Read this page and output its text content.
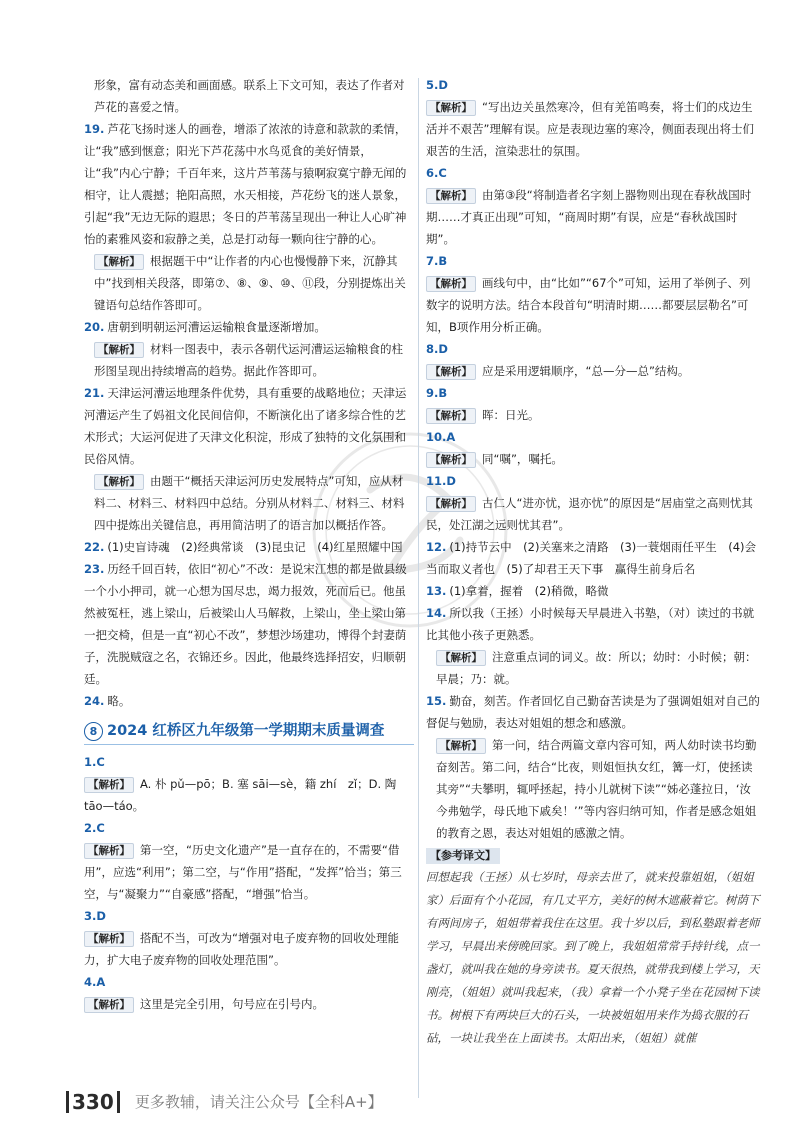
形象，富有动态美和画面感。联系上下文可知，表达了作者对芦花的喜爱之情。

19. 芦花飞扬时迷人的画卷，增添了浓浓的诗意和款款的柔情，让“我”感到惬意；阳光下芦花荡中水鸟觅食的美好情景，让“我”内心宁静；千百年来，这片芦苇荡与猿啊寂寞宁静无闻的相守，让人震撼；艳阳高照，水天相接，芦花纷飞的迷人景象，引起“我”无边无际的遐思；冬日的芦苇荡呈现出一种让人心旷神怡的素雅风姿和寂静之美，总是打动每一颗向往宁静的心。

【解析】 根据题干中“让作者的内心也慢慢静下来，沉静其中”找到相关段落，即第⑦、⑧、⑨、⑩、⑪段，分别提炼出关键语句总结作答即可。

20. 唐朝到明朝运河漕运运输粮食量逐渐增加。

【解析】 材料一图表中，表示各朝代运河漕运运输粮食的柱形图呈现出持续增高的趋势。据此作答即可。

21. 天津运河漕运地理条件优势，具有重要的战略地位；天津运河漕运产生了妈祖文化民间信仰，不断演化出了诸多综合性的艺术形式；大运河促进了天津文化积淀，形成了独特的文化氛围和民俗风情。

【解析】 由题干“概括天津运河历史发展特点”可知，应从材料二、材料三、材料四中总结。分别从材料二、材料三、材料四中提炼出关键信息，再用简洁明了的语言加以概括作答。

22. (1)史盲诗魂　(2)经典常谈　(3)昆虫记　(4)红星照耀中国

23. 历经千回百转，依旧“初心”不改：是说宋江想的都是做县级一个小小押司，就一心想为国尽忠，竭力报效，死而后已。他虽然被冤枉，逃上梁山，后被梁山人马解救，上梁山，坐上梁山第一把交椅，但是一直“初心不改”，梦想沙场建功，博得个封妻荫子，洗脱贼寇之名，衣锦还乡。因此，他最终选择招安，归顺朝廷。

24. 略。

8 2024 红桥区九年级第一学期期末质量调查

1.C

【解析】 A. 朴 pǔ—pō；B. 塞 sāi—sè，籍 zhí　zǐ；D. 陶 tāo—táo。

2.C

【解析】 第一空，“历史文化遗产”是一直存在的，不需要“借用”，应选“利用”；第二空，与“作用”搭配，“发挥”恰当；第三空，与“凝聚力”“自豪感”搭配，“增强”恰当。

3.D

【解析】 搭配不当，可改为“增强对电子废弃物的回收处理能力，扩大电子废弃物的回收处理范围”。

4.A

【解析】 这里是完全引用，句号应在引号内。

5.D

【解析】 “写出边关虽然寒冷，但有羌笛鸣奏，将士们的戍边生活并不艰苦”理解有误。应是表现边塞的寒冷，侧面表现出将士们艰苦的生活，渲染悲壮的氛围。

6.C

【解析】 由第③段“将制造者名字刻上器物则出现在春秋战国时期……才真正出现”可知，“商周时期”有误，应是“春秋战国时期”。

7.B

【解析】 画线句中，由“比如”“67个”可知，运用了举例子、列数字的说明方法。结合本段首句“明清时期……都要层层勒名”可知，B项作用分析正确。

8.D

【解析】 应是采用逻辑顺序，“总—分—总”结构。

9.B

【解析】 晖：日光。

10.A

【解析】 同“嘱”，嘱托。

11.D

【解析】 古仁人“进亦忧，退亦忧”的原因是“居庙堂之高则忧其民，处江湖之远则忧其君”。

12. (1)持节云中　(2)关塞来之清路　(3)一蓑烟雨任平生　(4)会当而取义者也　(5)了却君王天下事　赢得生前身后名

13. (1)拿着，握着　(2)稍微，略微

14. 所以我（王拯）小时候每天早晨进入书塾，（对）读过的书就比其他小孩子更熟悉。

【解析】 注意重点词的词义。故：所以；幼时：小时候；朝：早晨；乃：就。

15. 勤奋，刻苦。作者回忆自己勤奋苦读是为了强调姐姐对自己的督促与勉励，表达对姐姐的想念和感激。

【解析】 第一问，结合两篇文章内容可知，两人幼时读书均勤奋刻苦。第二问，结合“比夜，则姐恒执女红，篝一灯，使拯读其旁”“夫攀明，辄呼拯起，持小儿就树下读”“姊必蓬拉日，‘汝今弗勉学，母氏地下戚矣！’”等内容归纳可知，作者是感念姐姐的教育之恩，表达对姐姐的感激之情。

【参考译文】

回想起我（王拯）从七岁时，母亲去世了，就来投靠姐姐，（姐姐家）后面有个小花园，有几丈平方，美好的树木遮蔽着它。树荫下有两间房子，姐姐带着我住在这里。我十岁以后，到私塾跟着老师学习，早晨出来傍晚回家。到了晚上，我姐姐常常手持针线，点一盏灯，就叫我在她的身旁读书。夏天很热，就带我到楼上学习，天刚亮，（姐姐）就叫我起来，（我）拿着一个小凳子坐在花园树下读书。树根下有两块巨大的石头，一块被姐姐用来作为捣衣服的石砧，一块让我坐在上面读书。太阳出来，（姐姐）就催

330 更多教辅，请关注公众号【全科A+】
